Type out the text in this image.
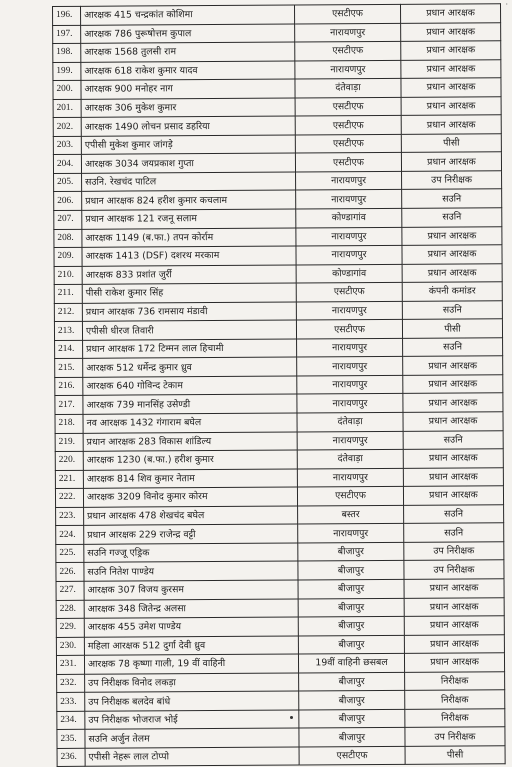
·
196.	आरक्षक 415 चन्द्रकांत कोशिमा	एसटीएफ	प्रधान आरक्षक
197.	आरक्षक 786 पुरूषोत्तम कुपाल	नारायणपुर	प्रधान आरक्षक
198.	आरक्षक 1568 तुलसी राम	एसटीएफ	प्रधान आरक्षक
199.	आरक्षक 618 राकेश कुमार यादव	नारायणपुर	प्रधान आरक्षक
200.	आरक्षक 900 मनोहर नाग	दंतेवाड़ा	प्रधान आरक्षक
201.	आरक्षक 306 मुकेश कुमार	एसटीएफ	प्रधान आरक्षक
202.	आरक्षक 1490 लोचन प्रसाद डहरिया	एसटीएफ	प्रधान आरक्षक
203.	एपीसी मुकेश कुमार जांगड़े	एसटीएफ	पीसी
204.	आरक्षक 3034 जयप्रकाश गुप्ता	एसटीएफ	प्रधान आरक्षक
205.	सउनि. रेखचंद पाटिल	नारायणपुर	उप निरीक्षक
206.	प्रधान आरक्षक 824 हरीश कुमार कचलाम	नारायणपुर	सउनि
207.	प्रधान आरक्षक 121 रजनू सलाम	कोण्डागांव	सउनि
208.	आरक्षक 1149 (ब.फा.) तपन कोर्राम	नारायणपुर	प्रधान आरक्षक
209.	आरक्षक 1413 (DSF) दशरथ मरकाम	नारायणपुर	प्रधान आरक्षक
210.	आरक्षक 833 प्रशांत जुर्री	कोण्डागांव	प्रधान आरक्षक
211.	पीसी राकेश कुमार सिंह	एसटीएफ	कंपनी कमांडर
212.	प्रधान आरक्षक 736 रामसाय मंडावी	नारायणपुर	सउनि
213.	एपीसी धीरज तिवारी	एसटीएफ	पीसी
214.	प्रधान आरक्षक 172 टिम्मन लाल हिचामी	नारायणपुर	सउनि
215.	आरक्षक 512 धर्मेन्द्र कुमार ध्रुव	नारायणपुर	प्रधान आरक्षक
216.	आरक्षक 640 गोविन्द टेकाम	नारायणपुर	प्रधान आरक्षक
217.	आरक्षक 739 मानसिंह उसेण्डी	नारायणपुर	प्रधान आरक्षक
218.	नव आरक्षक 1432 गंगाराम बघेल	दंतेवाड़ा	प्रधान आरक्षक
219.	प्रधान आरक्षक 283 विकास शांडिल्य	नारायणपुर	सउनि
220.	आरक्षक 1230 (ब.फा.) हरीश कुमार	दंतेवाड़ा	प्रधान आरक्षक
221.	आरक्षक 814 शिव कुमार नेताम	नारायणपुर	प्रधान आरक्षक
222.	आरक्षक 3209 विनोद कुमार कोरम	एसटीएफ	प्रधान आरक्षक
223.	प्रधान आरक्षक 478 शेखचंद बघेल	बस्तर	सउनि
224.	प्रधान आरक्षक 229 राजेन्द्र वट्टी	नारायणपुर	सउनि
225.	सउनि गज्जू एड्रिक	बीजापुर	उप निरीक्षक
226.	सउनि नितेश पाण्डेय	बीजापुर	उप निरीक्षक
227.	आरक्षक 307 विजय कुरसम	बीजापुर	प्रधान आरक्षक
228.	आरक्षक 348 जितेन्द्र अलसा	बीजापुर	प्रधान आरक्षक
229.	आरक्षक 455 उमेश पाण्डेय	बीजापुर	प्रधान आरक्षक
230.	महिला आरक्षक 512 दुर्गा देवी ध्रुव	बीजापुर	प्रधान आरक्षक
231.	आरक्षक 78 कृष्णा गाली, 19 वीं वाहिनी	19वीं वाहिनी छसबल	प्रधान आरक्षक
232.	उप निरीक्षक विनोद लकड़ा	बीजापुर	निरीक्षक
233.	उप निरीक्षक बलदेव बांधे	बीजापुर	निरीक्षक
234.	उप निरीक्षक भोजराज भोई	बीजापुर	निरीक्षक
235.	सउनि अर्जुन तेलम	बीजापुर	उप निरीक्षक
236.	एपीसी नेहरू लाल टोप्पो	एसटीएफ	पीसी
